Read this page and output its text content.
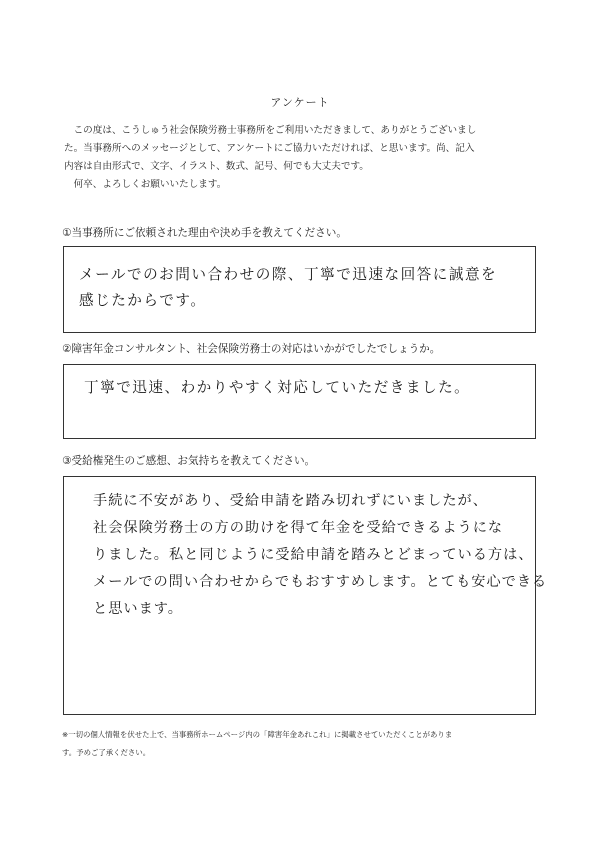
アンケート

　この度は、こうしゅう社会保険労務士事務所をご利用いただきまして、ありがとうございまし

た。当事務所へのメッセージとして、アンケートにご協力いただければ、と思います。尚、記入

内容は自由形式で、文字、イラスト、数式、記号、何でも大丈夫です。

　何卒、よろしくお願いいたします。

①当事務所にご依頼された理由や決め手を教えてください。

メールでのお問い合わせの際、丁寧で迅速な回答に誠意を

感じたからです。

②障害年金コンサルタント、社会保険労務士の対応はいかがでしたでしょうか。

丁寧で迅速、わかりやすく対応していただきました。

③受給権発生のご感想、お気持ちを教えてください。

手続に不安があり、受給申請を踏み切れずにいましたが、

社会保険労務士の方の助けを得て年金を受給できるようにな

りました。私と同じように受給申請を踏みとどまっている方は、

メールでの問い合わせからでもおすすめします。とても安心できる

と思います。

※一切の個人情報を伏せた上で、当事務所ホームページ内の「障害年金あれこれ」に掲載させていただくことがありま

す。予めご了承ください。
